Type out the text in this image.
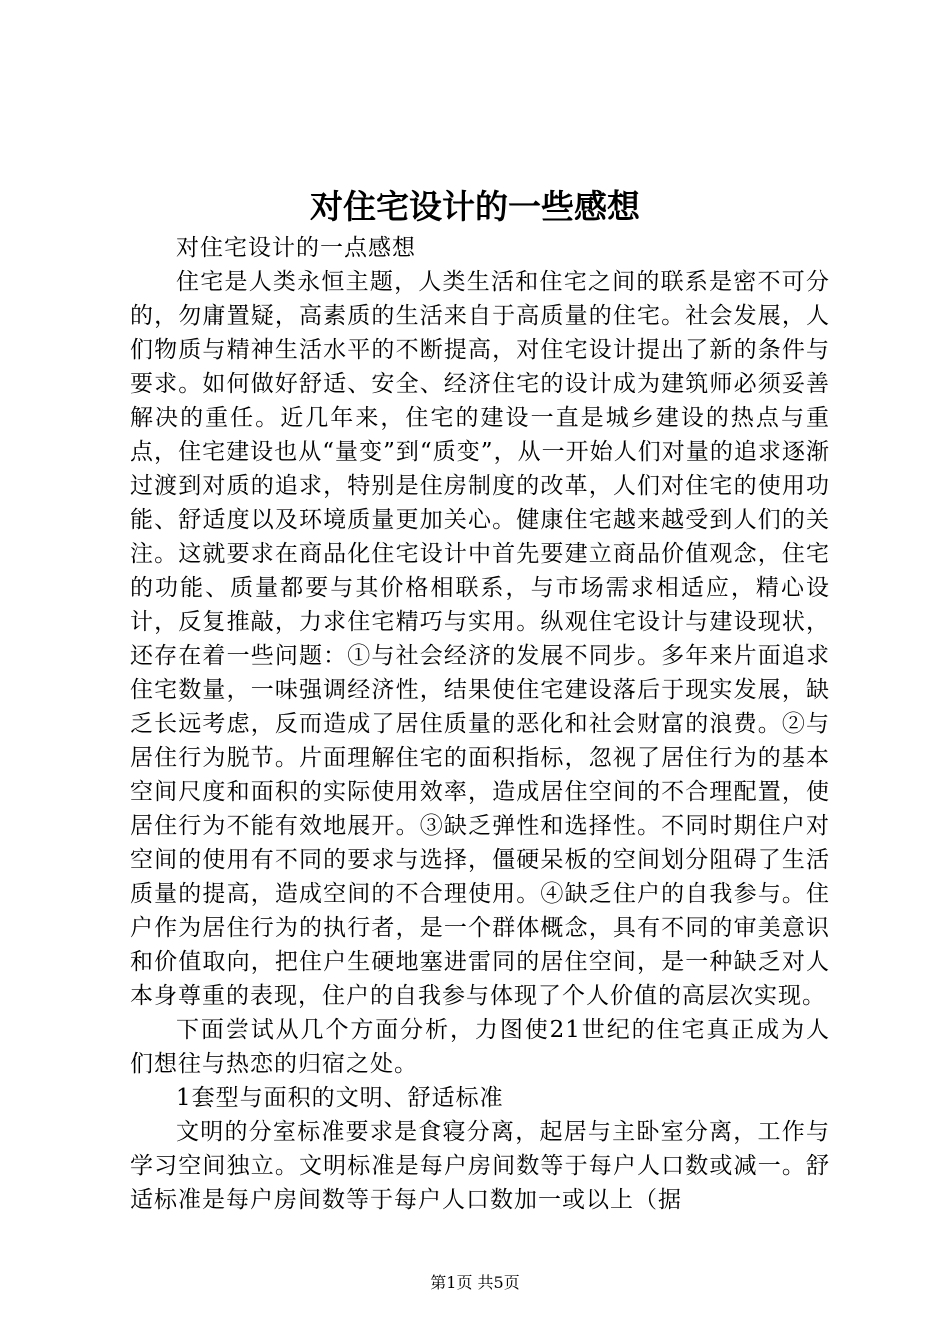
对住宅设计的一些感想

对住宅设计的一点感想

住宅是人类永恒主题，人类生活和住宅之间的联系是密不可分的，勿庸置疑，高素质的生活来自于高质量的住宅。社会发展，人们物质与精神生活水平的不断提高，对住宅设计提出了新的条件与要求。如何做好舒适、安全、经济住宅的设计成为建筑师必须妥善解决的重任。近几年来，住宅的建设一直是城乡建设的热点与重点，住宅建设也从“量变”到“质变”，从一开始人们对量的追求逐渐过渡到对质的追求，特别是住房制度的改革，人们对住宅的使用功能、舒适度以及环境质量更加关心。健康住宅越来越受到人们的关注。这就要求在商品化住宅设计中首先要建立商品价值观念，住宅的功能、质量都要与其价格相联系，与市场需求相适应，精心设计，反复推敲，力求住宅精巧与实用。纵观住宅设计与建设现状，还存在着一些问题：①与社会经济的发展不同步。多年来片面追求住宅数量，一味强调经济性，结果使住宅建设落后于现实发展，缺乏长远考虑，反而造成了居住质量的恶化和社会财富的浪费。②与居住行为脱节。片面理解住宅的面积指标，忽视了居住行为的基本空间尺度和面积的实际使用效率，造成居住空间的不合理配置，使居住行为不能有效地展开。③缺乏弹性和选择性。不同时期住户对空间的使用有不同的要求与选择，僵硬呆板的空间划分阻碍了生活质量的提高，造成空间的不合理使用。④缺乏住户的自我参与。住户作为居住行为的执行者，是一个群体概念，具有不同的审美意识和价值取向，把住户生硬地塞进雷同的居住空间，是一种缺乏对人本身尊重的表现，住户的自我参与体现了个人价值的高层次实现。

下面尝试从几个方面分析，力图使21世纪的住宅真正成为人们想往与热恋的归宿之处。

1套型与面积的文明、舒适标准

文明的分室标准要求是食寝分离，起居与主卧室分离，工作与学习空间独立。文明标准是每户房间数等于每户人口数或减一。舒适标准是每户房间数等于每户人口数加一或以上（据

第1页 共5页
